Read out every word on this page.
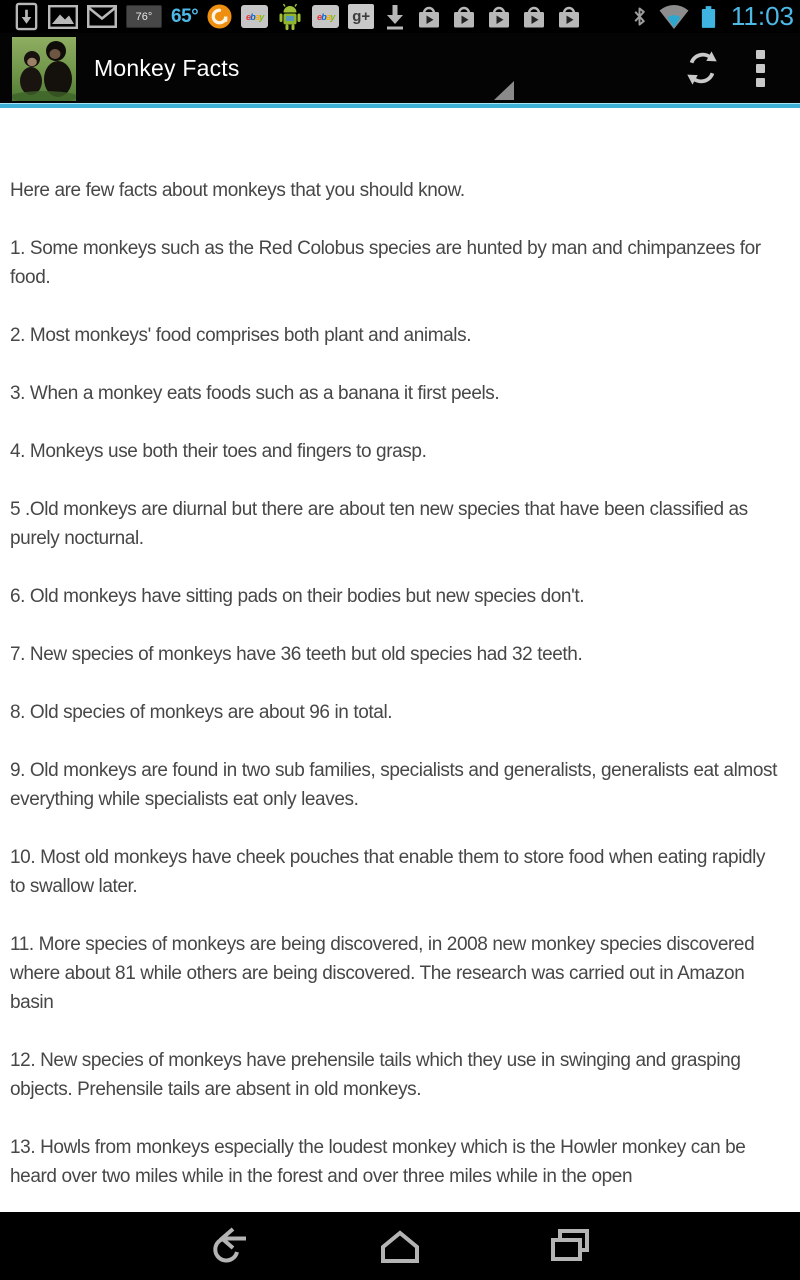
76° 65°	e b a y	e b a y g+	11:03
Monkey Facts

Here are few facts about monkeys that you should know.

1. Some monkeys such as the Red Colobus species are hunted by man and chimpanzees for food.

2. Most monkeys' food comprises both plant and animals.

3. When a monkey eats foods such as a banana it first peels.

4. Monkeys use both their toes and fingers to grasp.

5 .Old monkeys are diurnal but there are about ten new species that have been classified as purely nocturnal.

6. Old monkeys have sitting pads on their bodies but new species don't.

7. New species of monkeys have 36 teeth but old species had 32 teeth.

8. Old species of monkeys are about 96 in total.

9. Old monkeys are found in two sub families, specialists and generalists, generalists eat almost everything while specialists eat only leaves.

10. Most old monkeys have cheek pouches that enable them to store food when eating rapidly to swallow later.

11. More species of monkeys are being discovered, in 2008 new monkey species discovered where about 81 while others are being discovered. The research was carried out in Amazon basin

12. New species of monkeys have prehensile tails which they use in swinging and grasping objects. Prehensile tails are absent in old monkeys.

13. Howls from monkeys especially the loudest monkey which is the Howler monkey can be heard over two miles while in the forest and over three miles while in the open
